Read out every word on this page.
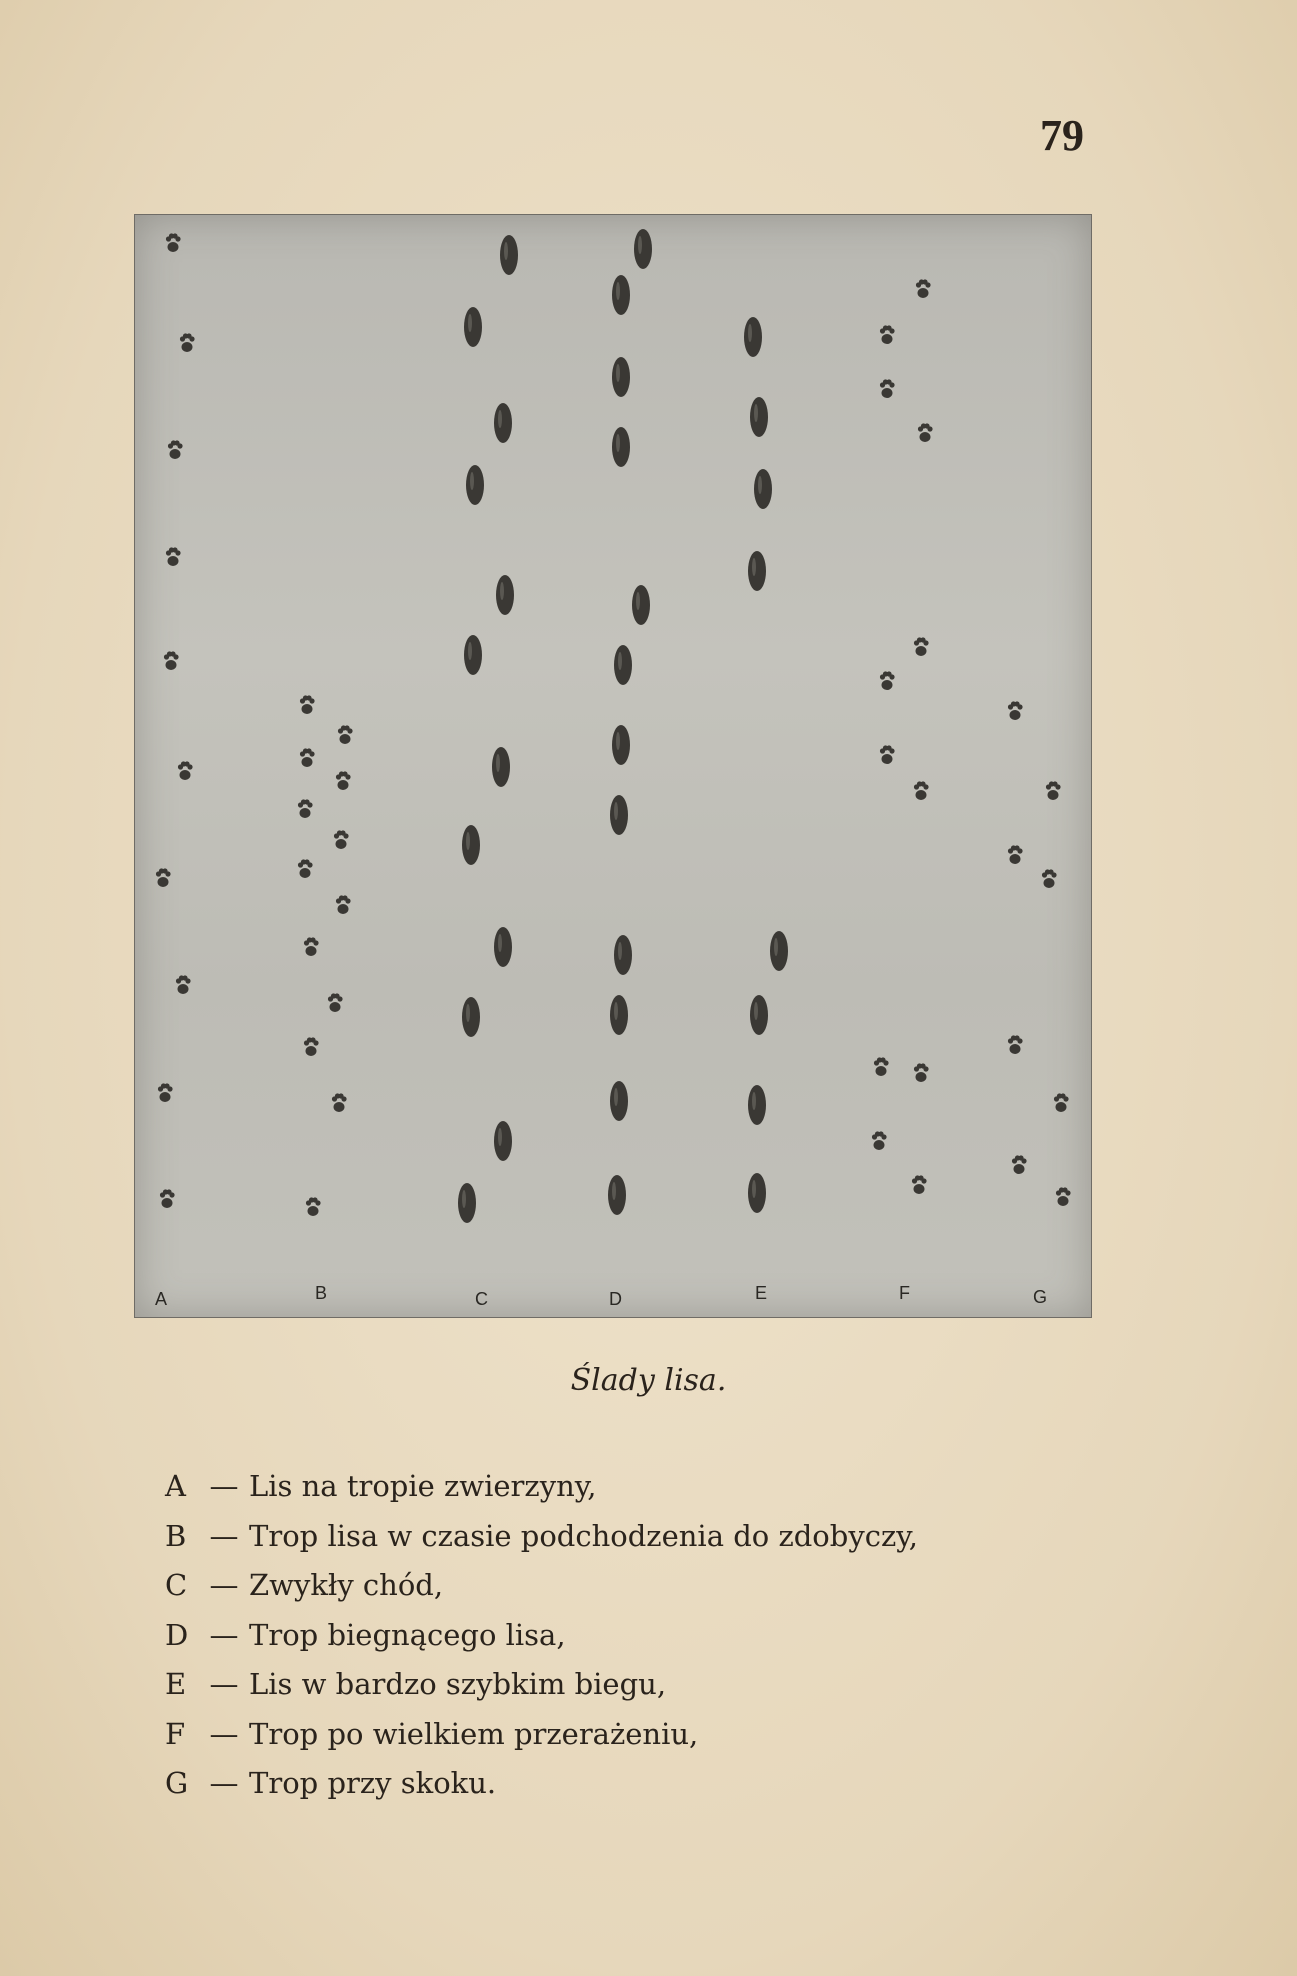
79
A	B	C	D	E	F	G
Ślady lisa.
A — Lis na tropie zwierzyny,
B — Trop lisa w czasie podchodzenia do zdobyczy,
C — Zwykły chód,
D — Trop biegnącego lisa,
E — Lis w bardzo szybkim biegu,
F — Trop po wielkiem przerażeniu,
G — Trop przy skoku.
